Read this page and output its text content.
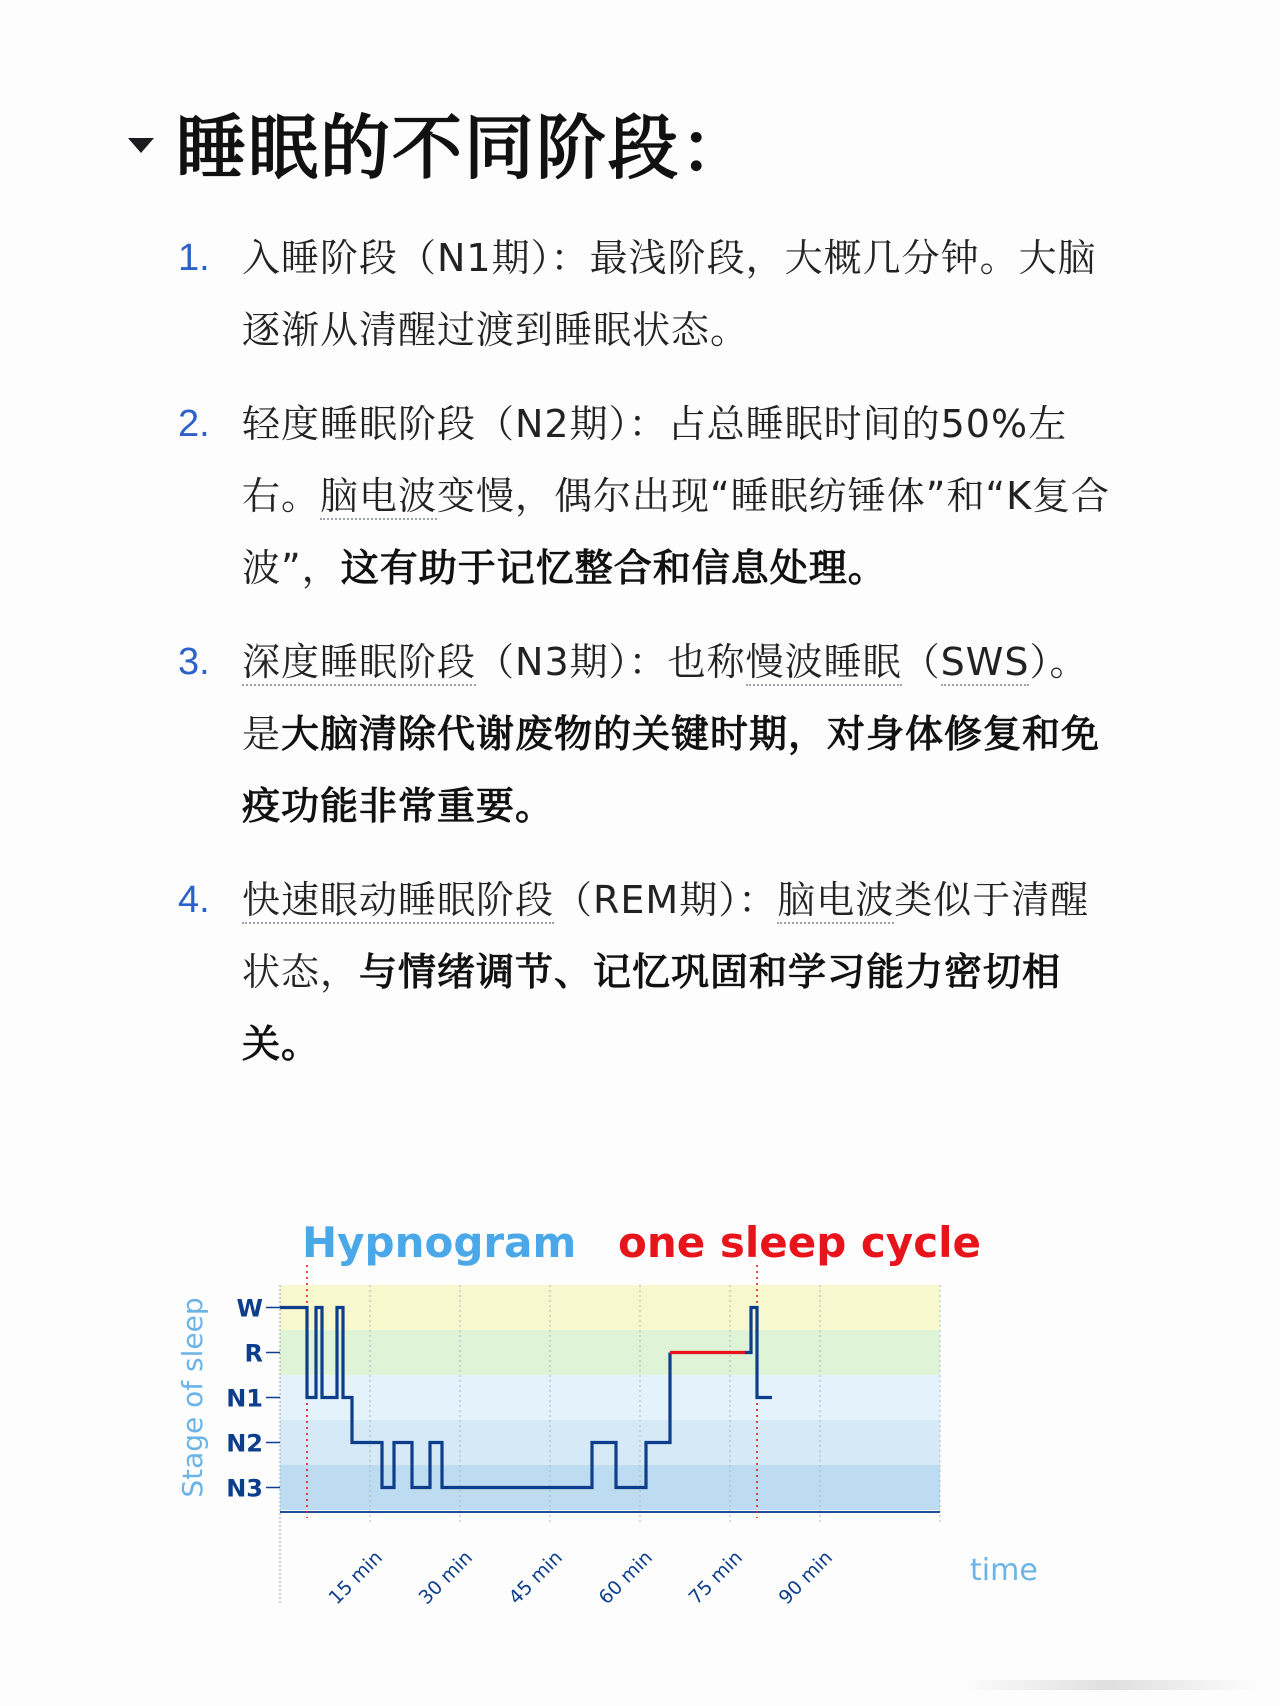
睡眠的不同阶段：
1. 入睡阶段（N1期）：最浅阶段，大概几分钟。大脑逐渐从清醒过渡到睡眠状态。
2. 轻度睡眠阶段（N2期）：占总睡眠时间的50%左右。脑电波变慢，偶尔出现“睡眠纺锤体”和“K复合波”，这有助于记忆整合和信息处理。
3. 深度睡眠阶段（N3期）：也称慢波睡眠（SWS）。是大脑清除代谢废物的关键时期，对身体修复和免疫功能非常重要。
4. 快速眼动睡眠阶段（REM期）：脑电波类似于清醒状态，与情绪调节、记忆巩固和学习能力密切相关。
Hypnogram one sleep cycle
W
R
N1
N2
N3
Stage of sleep
15 min 30 min 45 min 60 min 75 min 90 min	time
